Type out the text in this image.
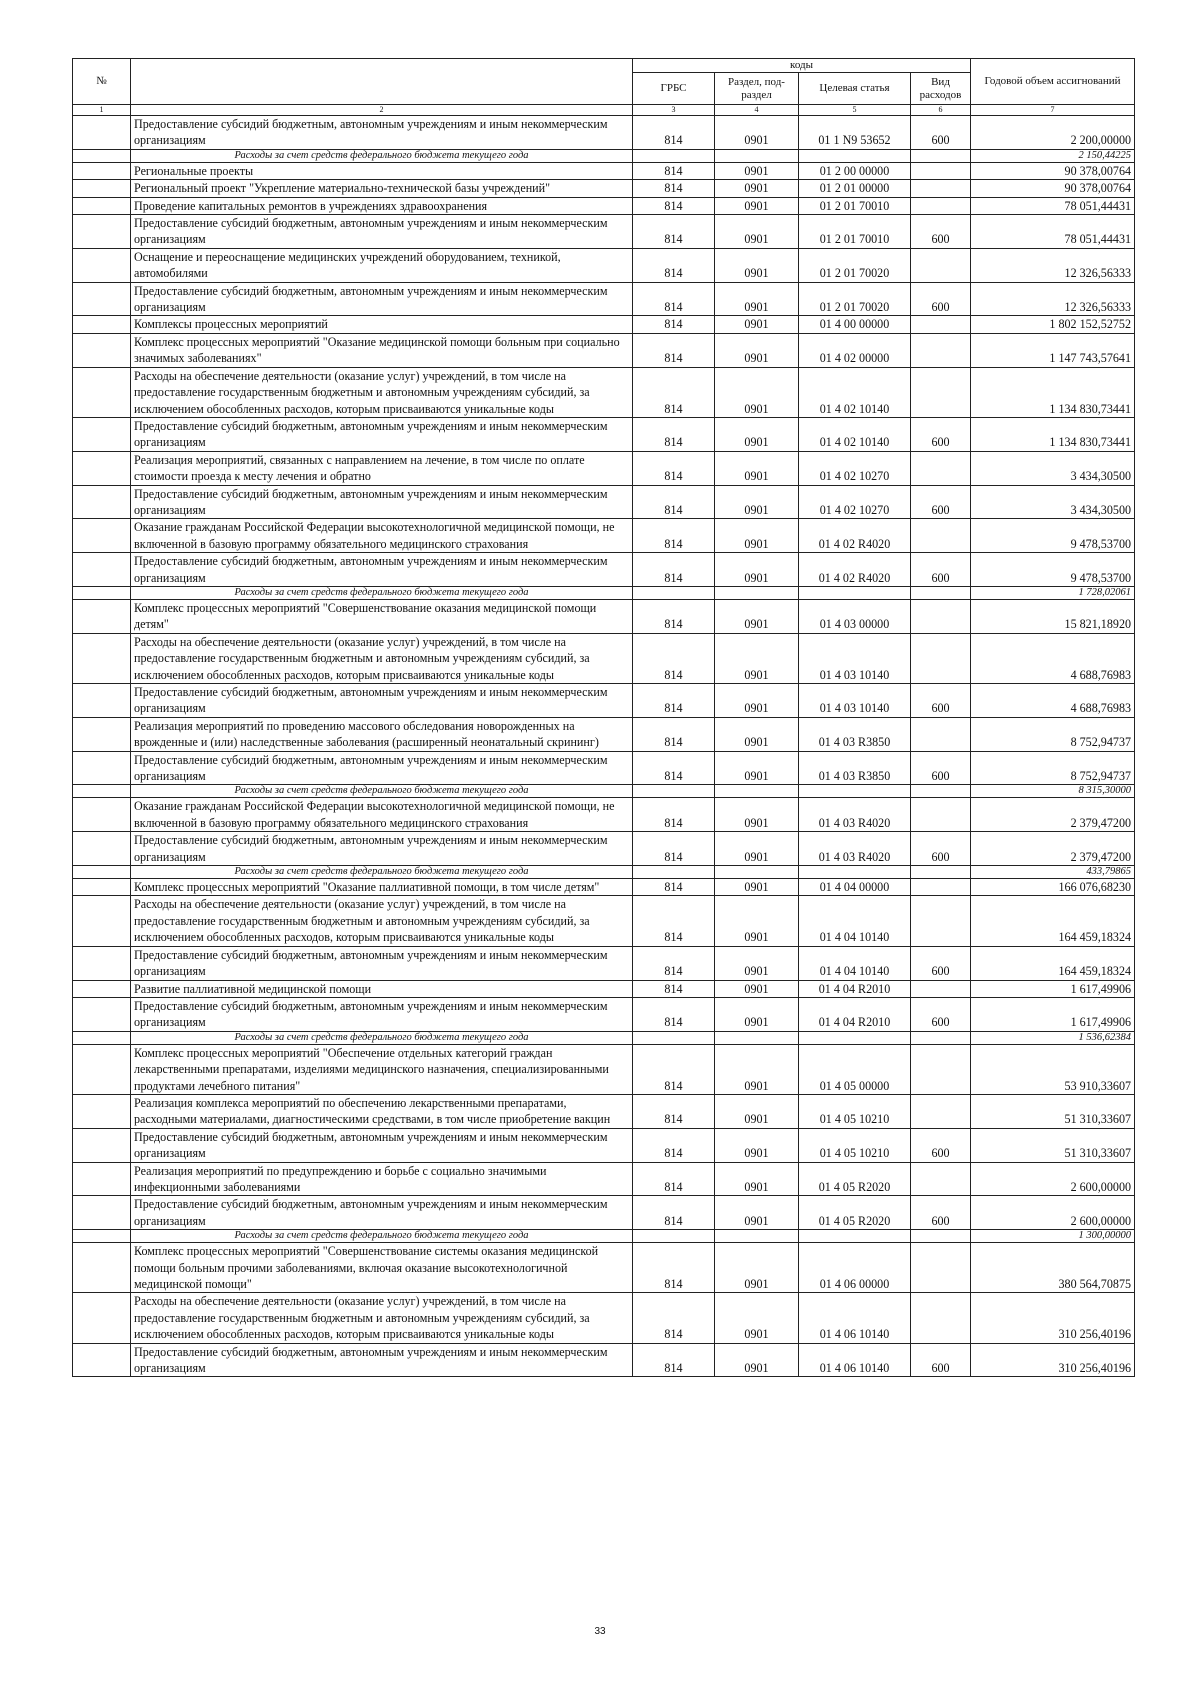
№		коды				Годовой объем ассигнований
		ГРБС	Раздел, под-раздел	Целевая статья	Вид расходов	
1	2	3	4	5	6	7
	Предоставление субсидий бюджетным, автономным учреждениям и иным некоммерческим организациям	814	0901	01 1 N9 53652	600	2 200,00000
	Расходы за счет средств федерального бюджета текущего года					2 150,44225
	Региональные проекты	814	0901	01 2 00 00000		90 378,00764
	Региональный проект "Укрепление материально-технической базы учреждений"	814	0901	01 2 01 00000		90 378,00764
	Проведение капитальных ремонтов в учреждениях здравоохранения	814	0901	01 2 01 70010		78 051,44431
	Предоставление субсидий бюджетным, автономным учреждениям и иным некоммерческим организациям	814	0901	01 2 01 70010	600	78 051,44431
	Оснащение и переоснащение медицинских учреждений оборудованием, техникой, автомобилями	814	0901	01 2 01 70020		12 326,56333
	Предоставление субсидий бюджетным, автономным учреждениям и иным некоммерческим организациям	814	0901	01 2 01 70020	600	12 326,56333
	Комплексы процессных мероприятий	814	0901	01 4 00 00000		1 802 152,52752
	Комплекс процессных мероприятий "Оказание медицинской помощи больным при социально значимых заболеваниях"	814	0901	01 4 02 00000		1 147 743,57641
	Расходы на обеспечение деятельности (оказание услуг) учреждений, в том числе на предоставление государственным бюджетным и автономным учреждениям субсидий, за исключением обособленных расходов, которым присваиваются уникальные коды	814	0901	01 4 02 10140		1 134 830,73441
	Предоставление субсидий бюджетным, автономным учреждениям и иным некоммерческим организациям	814	0901	01 4 02 10140	600	1 134 830,73441
	Реализация мероприятий, связанных с направлением на лечение, в том числе по оплате стоимости проезда к месту лечения и обратно	814	0901	01 4 02 10270		3 434,30500
	Предоставление субсидий бюджетным, автономным учреждениям и иным некоммерческим организациям	814	0901	01 4 02 10270	600	3 434,30500
	Оказание гражданам Российской Федерации высокотехнологичной медицинской помощи, не включенной в базовую программу обязательного медицинского страхования	814	0901	01 4 02 R4020		9 478,53700
	Предоставление субсидий бюджетным, автономным учреждениям и иным некоммерческим организациям	814	0901	01 4 02 R4020	600	9 478,53700
	Расходы за счет средств федерального бюджета текущего года					1 728,02061
	Комплекс процессных мероприятий "Совершенствование оказания медицинской помощи детям"	814	0901	01 4 03 00000		15 821,18920
	Расходы на обеспечение деятельности (оказание услуг) учреждений, в том числе на предоставление государственным бюджетным и автономным учреждениям субсидий, за исключением обособленных расходов, которым присваиваются уникальные коды	814	0901	01 4 03 10140		4 688,76983
	Предоставление субсидий бюджетным, автономным учреждениям и иным некоммерческим организациям	814	0901	01 4 03 10140	600	4 688,76983
	Реализация мероприятий по проведению массового обследования новорожденных на врожденные и (или) наследственные заболевания (расширенный неонатальный скрининг)	814	0901	01 4 03 R3850		8 752,94737
	Предоставление субсидий бюджетным, автономным учреждениям и иным некоммерческим организациям	814	0901	01 4 03 R3850	600	8 752,94737
	Расходы за счет средств федерального бюджета текущего года					8 315,30000
	Оказание гражданам Российской Федерации высокотехнологичной медицинской помощи, не включенной в базовую программу обязательного медицинского страхования	814	0901	01 4 03 R4020		2 379,47200
	Предоставление субсидий бюджетным, автономным учреждениям и иным некоммерческим организациям	814	0901	01 4 03 R4020	600	2 379,47200
	Расходы за счет средств федерального бюджета текущего года					433,79865
	Комплекс процессных мероприятий "Оказание паллиативной помощи, в том числе детям"	814	0901	01 4 04 00000		166 076,68230
	Расходы на обеспечение деятельности (оказание услуг) учреждений, в том числе на предоставление государственным бюджетным и автономным учреждениям субсидий, за исключением обособленных расходов, которым присваиваются уникальные коды	814	0901	01 4 04 10140		164 459,18324
	Предоставление субсидий бюджетным, автономным учреждениям и иным некоммерческим организациям	814	0901	01 4 04 10140	600	164 459,18324
	Развитие паллиативной медицинской помощи	814	0901	01 4 04 R2010		1 617,49906
	Предоставление субсидий бюджетным, автономным учреждениям и иным некоммерческим организациям	814	0901	01 4 04 R2010	600	1 617,49906
	Расходы за счет средств федерального бюджета текущего года					1 536,62384
	Комплекс процессных мероприятий "Обеспечение отдельных категорий граждан лекарственными препаратами, изделиями медицинского назначения, специализированными продуктами лечебного питания"	814	0901	01 4 05 00000		53 910,33607
	Реализация комплекса мероприятий по обеспечению лекарственными препаратами, расходными материалами, диагностическими средствами, в том числе приобретение вакцин	814	0901	01 4 05 10210		51 310,33607
	Предоставление субсидий бюджетным, автономным учреждениям и иным некоммерческим организациям	814	0901	01 4 05 10210	600	51 310,33607
	Реализация мероприятий по предупреждению и борьбе с социально значимыми инфекционными заболеваниями	814	0901	01 4 05 R2020		2 600,00000
	Предоставление субсидий бюджетным, автономным учреждениям и иным некоммерческим организациям	814	0901	01 4 05 R2020	600	2 600,00000
	Расходы за счет средств федерального бюджета текущего года					1 300,00000
	Комплекс процессных мероприятий "Совершенствование системы оказания медицинской помощи больным прочими заболеваниями, включая оказание высокотехнологичной медицинской помощи"	814	0901	01 4 06 00000		380 564,70875
	Расходы на обеспечение деятельности (оказание услуг) учреждений, в том числе на предоставление государственным бюджетным и автономным учреждениям субсидий, за исключением обособленных расходов, которым присваиваются уникальные коды	814	0901	01 4 06 10140		310 256,40196
	Предоставление субсидий бюджетным, автономным учреждениям и иным некоммерческим организациям	814	0901	01 4 06 10140	600	310 256,40196
33
